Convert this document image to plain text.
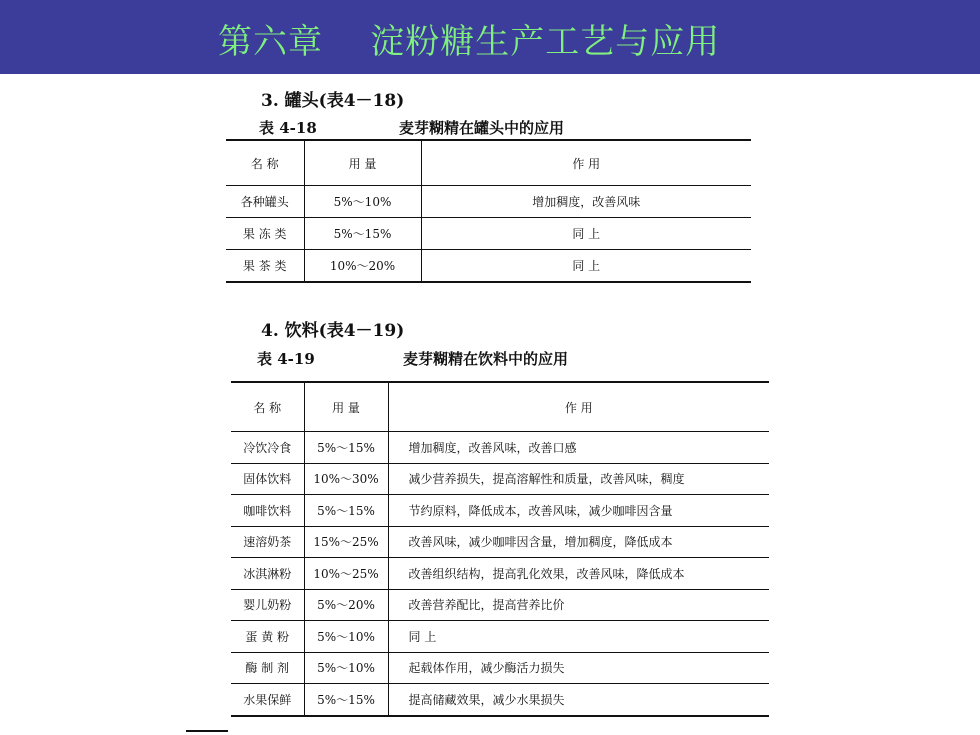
第六章    淀粉糖生产工艺与应用
3. 罐头(表4－18)
表 4-18	麦芽糊精在罐头中的应用
名 称	用 量	作 用
各种罐头	5%～10%	增加稠度，改善风味
果 冻 类	5%～15%	同 上
果 茶 类	10%～20%	同 上
4. 饮料(表4－19)
表 4-19	麦芽糊精在饮料中的应用
名 称	用 量	作 用
冷饮冷食	5%～15%	增加稠度，改善风味，改善口感
固体饮料	10%～30%	减少营养损失，提高溶解性和质量，改善风味，稠度
咖啡饮料	5%～15%	节约原料，降低成本，改善风味，减少咖啡因含量
速溶奶茶	15%～25%	改善风味，减少咖啡因含量，增加稠度，降低成本
冰淇淋粉	10%～25%	改善组织结构，提高乳化效果，改善风味，降低成本
婴儿奶粉	5%～20%	改善营养配比，提高营养比价
蛋 黄 粉	5%～10%	同 上
酶 制 剂	5%～10%	起载体作用，减少酶活力损失
水果保鲜	5%～15%	提高储藏效果，减少水果损失
